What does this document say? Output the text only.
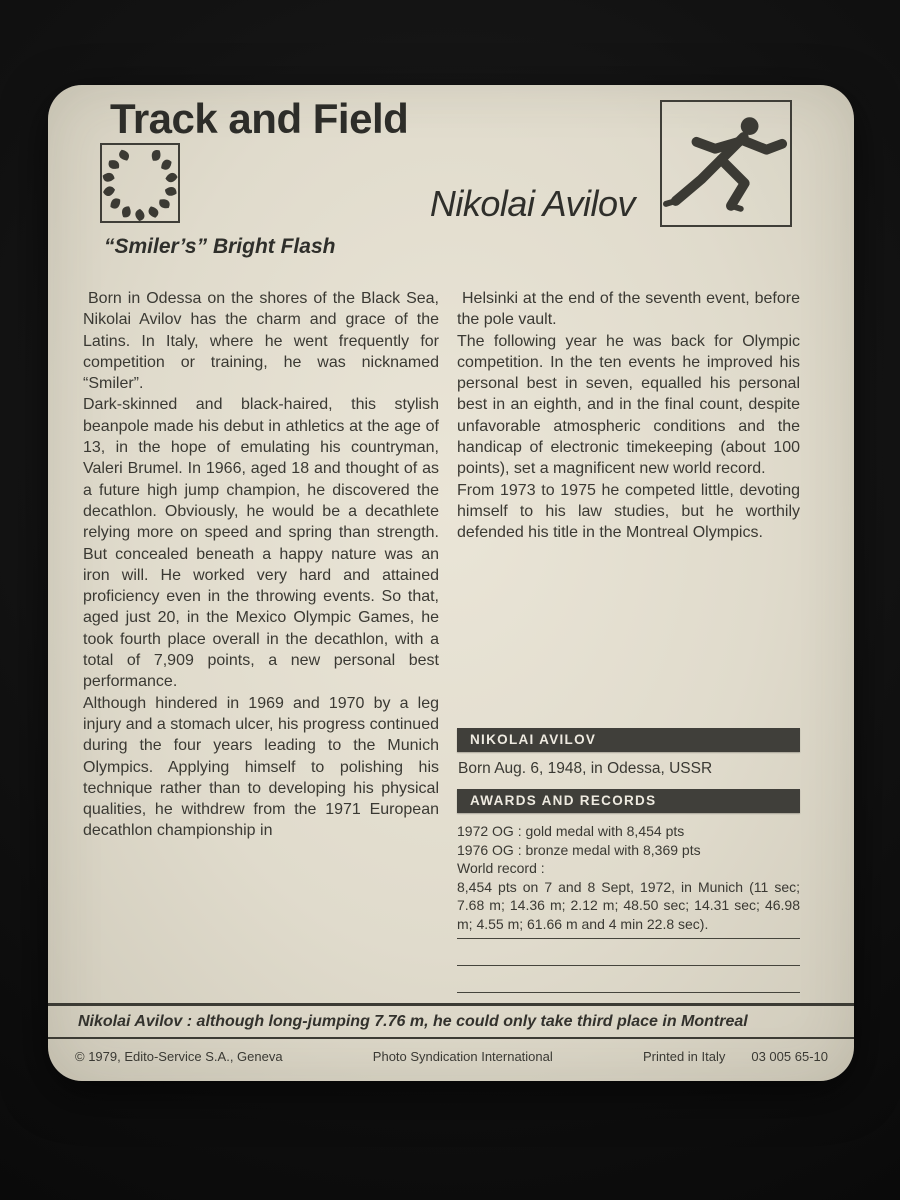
Track and Field
Nikolai Avilov
“Smiler’s” Bright Flash

Born in Odessa on the shores of the Black Sea, Nikolai Avilov has the charm and grace of the Latins. In Italy, where he went frequently for competition or training, he was nicknamed “Smiler”.

Dark-skinned and black-haired, this stylish beanpole made his debut in athletics at the age of 13, in the hope of emulating his countryman, Valeri Brumel. In 1966, aged 18 and thought of as a future high jump champion, he discovered the decathlon. Obviously, he would be a decathlete relying more on speed and spring than strength. But concealed beneath a happy nature was an iron will. He worked very hard and attained proficiency even in the throwing events. So that, aged just 20, in the Mexico Olympic Games, he took fourth place overall in the decathlon, with a total of 7,909 points, a new personal best performance.

Although hindered in 1969 and 1970 by a leg injury and a stomach ulcer, his progress continued during the four years leading to the Munich Olympics. Applying himself to polishing his technique rather than to developing his physical qualities, he withdrew from the 1971 European decathlon championship in

Helsinki at the end of the seventh event, before the pole vault.

The following year he was back for Olympic competition. In the ten events he improved his personal best in seven, equalled his personal best in an eighth, and in the final count, despite unfavorable atmospheric conditions and the handicap of electronic timekeeping (about 100 points), set a magnificent new world record.

From 1973 to 1975 he competed little, devoting himself to his law studies, but he worthily defended his title in the Montreal Olympics.

NIKOLAI AVILOV
Born Aug. 6, 1948, in Odessa, USSR
AWARDS AND RECORDS

1972 OG : gold medal with 8,454 pts

1976 OG : bronze medal with 8,369 pts

World record :

8,454 pts on 7 and 8 Sept, 1972, in Munich (11 sec; 7.68 m; 14.36 m; 2.12 m; 48.50 sec; 14.31 sec; 46.98 m; 4.55 m; 61.66 m and 4 min 22.8 sec).

Nikolai Avilov : although long-jumping 7.76 m, he could only take third place in Montreal
© 1979, Edito-Service S.A., Geneva	Photo Syndication International	Printed in Italy 03 005 65-10
